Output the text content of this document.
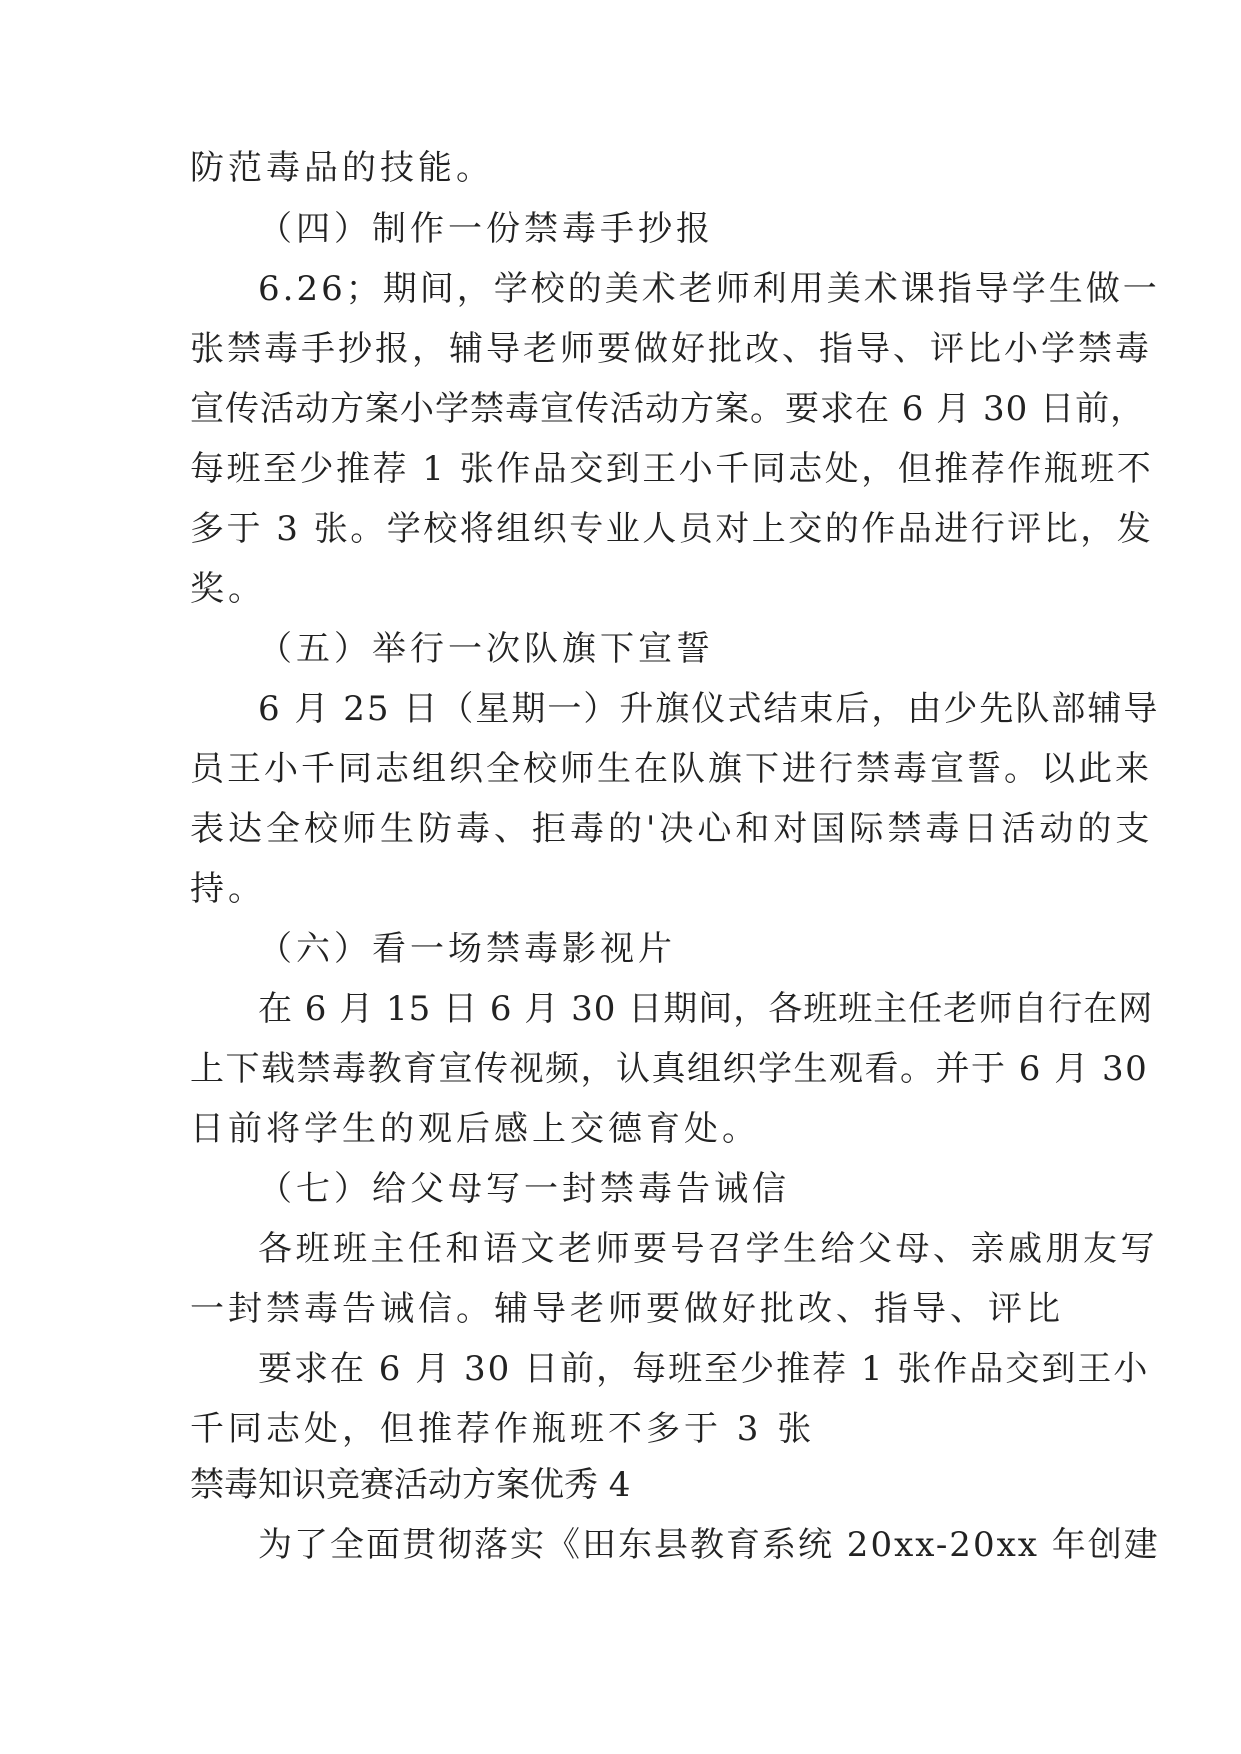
防范毒品的技能。
（四）制作一份禁毒手抄报
6.26；期间，学校的美术老师利用美术课指导学生做一
张禁毒手抄报，辅导老师要做好批改、指导、评比小学禁毒
宣传活动方案小学禁毒宣传活动方案。要求在 6 月 30 日前，
每班至少推荐 1 张作品交到王小千同志处，但推荐作瓶班不
多于 3 张。学校将组织专业人员对上交的作品进行评比，发
奖。
（五）举行一次队旗下宣誓
6 月 25 日（星期一）升旗仪式结束后，由少先队部辅导
员王小千同志组织全校师生在队旗下进行禁毒宣誓。以此来
表达全校师生防毒、拒毒的'决心和对国际禁毒日活动的支
持。
（六）看一场禁毒影视片
在 6 月 15 日 6 月 30 日期间，各班班主任老师自行在网
上下载禁毒教育宣传视频，认真组织学生观看。并于 6 月 30
日前将学生的观后感上交德育处。
（七）给父母写一封禁毒告诫信
各班班主任和语文老师要号召学生给父母、亲戚朋友写
一封禁毒告诫信。辅导老师要做好批改、指导、评比
要求在 6 月 30 日前，每班至少推荐 1 张作品交到王小
千同志处，但推荐作瓶班不多于 3 张
禁毒知识竞赛活动方案优秀 4
为了全面贯彻落实《田东县教育系统 20xx-20xx 年创建
